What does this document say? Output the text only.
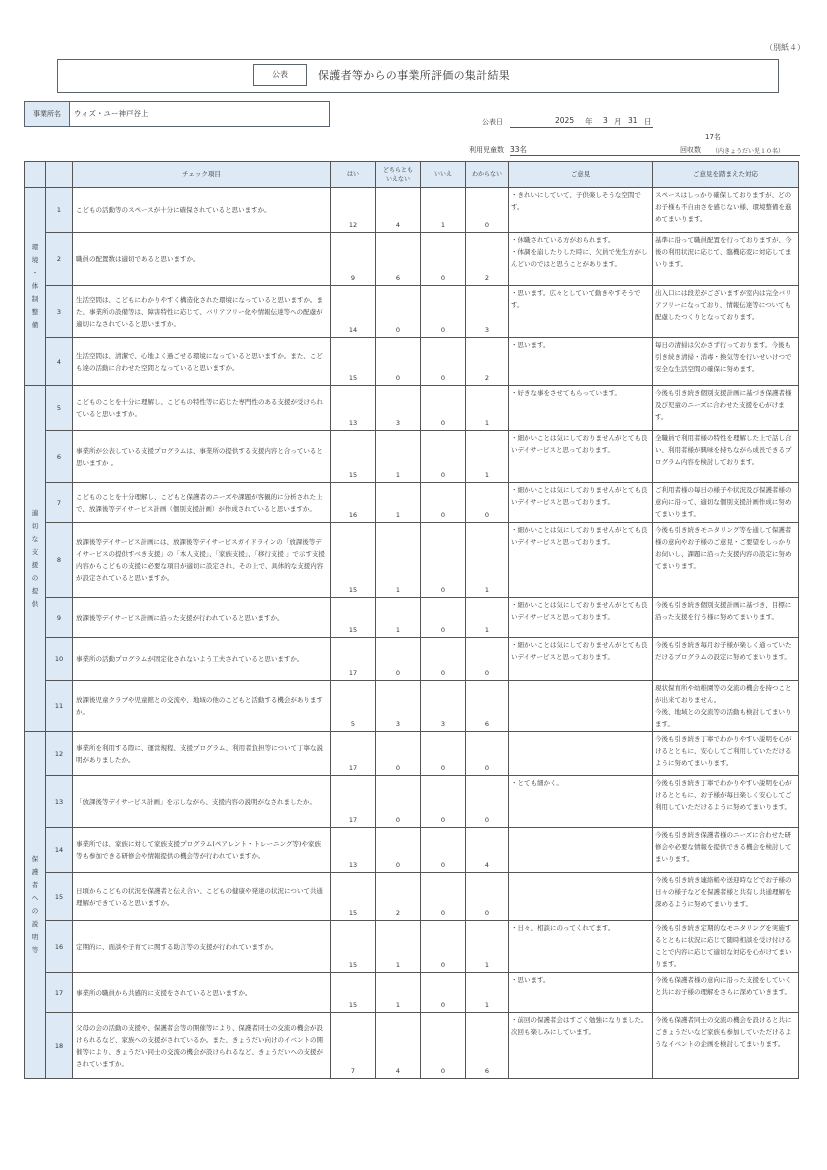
（別紙４）
公表	保護者等からの事業所評価の集計結果
事業所名	ウィズ・ユー神戸谷上
公表日	2025 年 3 月 31 日
利用児童数 33名
17名
回収数 （内きょうだい児１０名）
		チェック項目	はい	どちらとも
いえない	いいえ	わからない	ご意見	ご意見を踏まえた対応
環境・体制整備	1	こどもの活動等のスペースが十分に確保されていると思いますか。	12	4	1	0	・きれいにしていて、子供楽しそうな空間です。	スペースはしっかり確保しておりますが、どのお子様も不自由さを感じない様、環境整備を進めてまいります。
	2	職員の配置数は適切であると思いますか。	9	6	0	2	・休職されている方がおられます。
・体調を崩したりした時に、欠員で先生方がしんどいのではと思うことがあります。	基準に沿って職員配置を行っておりますが、今後の利用状況に応じて、臨機応変に対応してまいります。
	3	生活空間は、こどもにわかりやすく構造化された環境になっていると思いますか。また、事業所の設備等は、障害特性に応じて、バリアフリー化や情報伝達等への配慮が適切になされていると思いますか。	14	0	0	3	・思います。広々としていて動きやすそうです。	出入口には段差がございますが室内は完全バリアフリーになっており、情報伝達等についても配慮したつくりとなっております。
	4	生活空間は、清潔で、心地よく過ごせる環境になっていると思いますか。また、こども達の活動に合わせた空間となっていると思いますか。	15	0	0	2	・思います。	毎日の清掃は欠かさず行っております。今後も引き続き清掃・消毒・換気等を行いせいけつで安全な生活空間の確保に努めます。
適切な支援の提供	5	こどものことを十分に理解し、こどもの特性等に応じた専門性のある支援が受けられていると思いますか。	13	3	0	1	・好きな事をさせてもらっています。	今後も引き続き個別支援計画に基づき保護者様及び児童のニーズに合わせた支援を心がけます。
	6	事業所が公表している支援プログラムは、事業所の提供する支援内容と合っていると思いますか 。	15	1	0	1	・細かいことは気にしておりませんがとても良いデイサービスと思っております。	全職員で利用者様の特性を理解した上で話し合い、利用者様が興味を持ちながら成長できるプログラム内容を検討しております。
	7	こどものことを十分理解し、こどもと保護者のニーズや課題が客観的に分析された上で、放課後等デイサービス計画（個別支援計画）が作成されていると思いますか。	16	1	0	0	・細かいことは気にしておりませんがとても良いデイサービスと思っております。	ご利用者様の毎日の様子や状況及び保護者様の意向に沿って、適切な個別支援計画作成に努めてまいります。
	8	放課後等デイサービス計画には、放課後等デイサービスガイドラインの「放課後等デイサービスの提供すべき支援」の「本人支援」、「家族支援」、「移行支援 」で示す支援内容からこどもの支援に必要な項目が適切に設定され、その上で、具体的な支援内容が設定されていると思いますか。	15	1	0	1	・細かいことは気にしておりませんがとても良いデイサービスと思っております。	今後も引き続きモニタリング等を通して保護者様の意向やお子様のご意見・ご要望をしっかりお伺いし、課題に沿った支援内容の設定に努めてまいります。
	9	放課後等デイサービス計画に沿った支援が行われていると思いますか。	15	1	0	1	・細かいことは気にしておりませんがとても良いデイサービスと思っております。	今後も引き続き個別支援計画に基づき、目標に沿った支援を行う様に努めてまいります。
	10	事業所の活動プログラムが固定化されないよう工夫されていると思いますか。	17	0	0	0	・細かいことは気にしておりませんがとても良いデイサービスと思っております。	今後も引き続き毎月お子様が楽しく通っていただけるプログラムの設定に努めてまいります。
	11	放課後児童クラブや児童館との交流や、地域の他のこどもと活動する機会がありますか。	5	3	3	6		現状保育所や幼稚園等の交流の機会を持つことが出来ておりません。
今後、地域との交流等の活動も検討してまいります。
保護者への説明等	12	事業所を利用する際に、運営規程、支援プログラム、利用者負担等について丁寧な説明がありましたか。	17	0	0	0		今後も引き続き丁寧でわかりやすい説明を心がけるとともに、安心してご利用していただけるように努めてまいります。
	13	「放課後等デイサービス計画」を示しながら、支援内容の説明がなされましたか。	17	0	0	0	・とても細かく。	今後も引き続き丁寧でわかりやすい説明を心がけるとともに、お子様が毎日楽しく安心してご利用していただけるように努めてまいります。
	14	事業所では、家族に対して家族支援プログラム(ペアレント・トレーニング等)や家族等も参加できる研修会や情報提供の機会等が行われていますか。	13	0	0	4		今後も引き続き保護者様のニーズに合わせた研修会や必要な情報を提供できる機会を検討してまいります。
	15	日頃からこどもの状況を保護者と伝え合い、こどもの健康や発達の状況について共通理解ができていると思いますか。	15	2	0	0		今後も引き続き連絡帳や送迎時などでお子様の日々の様子などを保護者様と共有し共通理解を深めるように努めてまいります。
	16	定期的に、面談や子育てに関する助言等の支援が行われていますか。	15	1	0	1	・日々、相談にのってくれてます。	今後も引き続き定期的なモニタリングを実施するとともに状況に応じて随時相談を受け付けることで内容に応じて適切な対応を心がけてまいります。
	17	事業所の職員から共感的に支援をされていると思いますか。	15	1	0	1	・思います。	今後も保護者様の意向に沿った支援をしていくと共にお子様の理解をさらに深めていきます。
	18	父母の会の活動の支援や、保護者会等の開催等により、保護者同士の交流の機会が設けられるなど、家族への支援がされているか。また、きょうだい向けのイベントの開催等により、きょうだい同士の交流の機会が設けられるなど、きょうだいへの支援がされていますか。	7	4	0	6	・前回の保護者会はすごく勉強になりました。次回も楽しみにしています。	今後も保護者同士の交流の機会を設けると共にごきょうだいなど家族も参加していただけるようなイベントの企画を検討してまいります。
